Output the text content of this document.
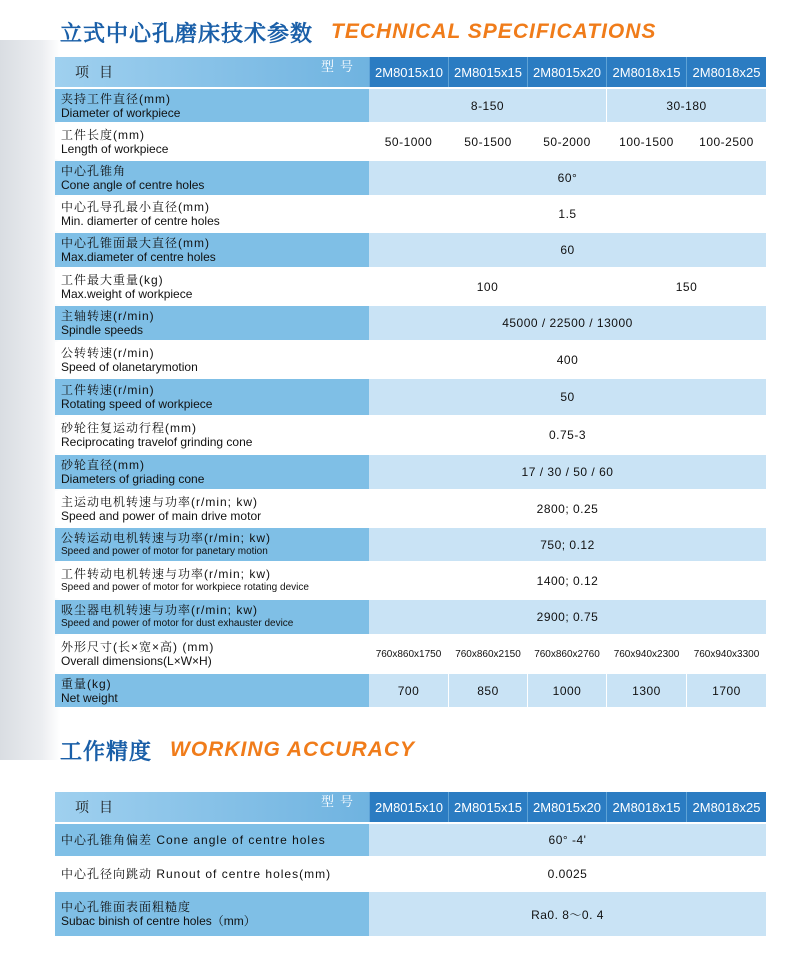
立式中心孔磨床技术参数 TECHNICAL SPECIFICATIONS
项目 型号	2M8015x10	2M8015x15	2M8015x20	2M8018x15	2M8018x25

夹持工件直径(mm)
Diameter of workpiece	8-150			30-180	

工件长度(mm)
Length of workpiece	50-1000	50-1500	50-2000	100-1500	100-2500

中心孔锥角
Cone angle of centre holes	60°				

中心孔导孔最小直径(mm)
Min. diamerter of centre holes	1.5				

中心孔锥面最大直径(mm)
Max.diameter of centre holes	60				

工件最大重量(kg)
Max.weight of workpiece	100			150	

主轴转速(r/min)
Spindle speeds	45000 / 22500 / 13000				

公转转速(r/min)
Speed of olanetarymotion	400				

工件转速(r/min)
Rotating speed of workpiece	50				

砂轮往复运动行程(mm)
Reciprocating travelof grinding cone	0.75-3				

砂轮直径(mm)
Diameters of griading cone	17 / 30 / 50 / 60				

主运动电机转速与功率(r/min; kw)
Speed and power of main drive motor	2800; 0.25				

公转运动电机转速与功率(r/min; kw)
Speed and power of motor for panetary motion	750; 0.12				

工件转动电机转速与功率(r/min; kw)
Speed and power of motor for workpiece rotating device	1400; 0.12				

吸尘器电机转速与功率(r/min; kw)
Speed and power of motor for dust exhauster device	2900; 0.75				

外形尺寸(长×宽×高) (mm)
Overall dimensions(L×W×H)	760x860x1750	760x860x2150	760x860x2760	760x940x2300	760x940x3300

重量(kg)
Net weight	700	850	1000	1300	1700
工作精度 WORKING ACCURACY
项目 型号	2M8015x10	2M8015x15	2M8015x20	2M8018x15	2M8018x25

中心孔锥角偏差 Cone angle of centre holes	60° -4'				

中心孔径向跳动 Runout of centre holes(mm)	0.0025				

中心孔锥面表面粗糙度
Subac binish of centre holes（mm）	Ra0. 8～0. 4				
